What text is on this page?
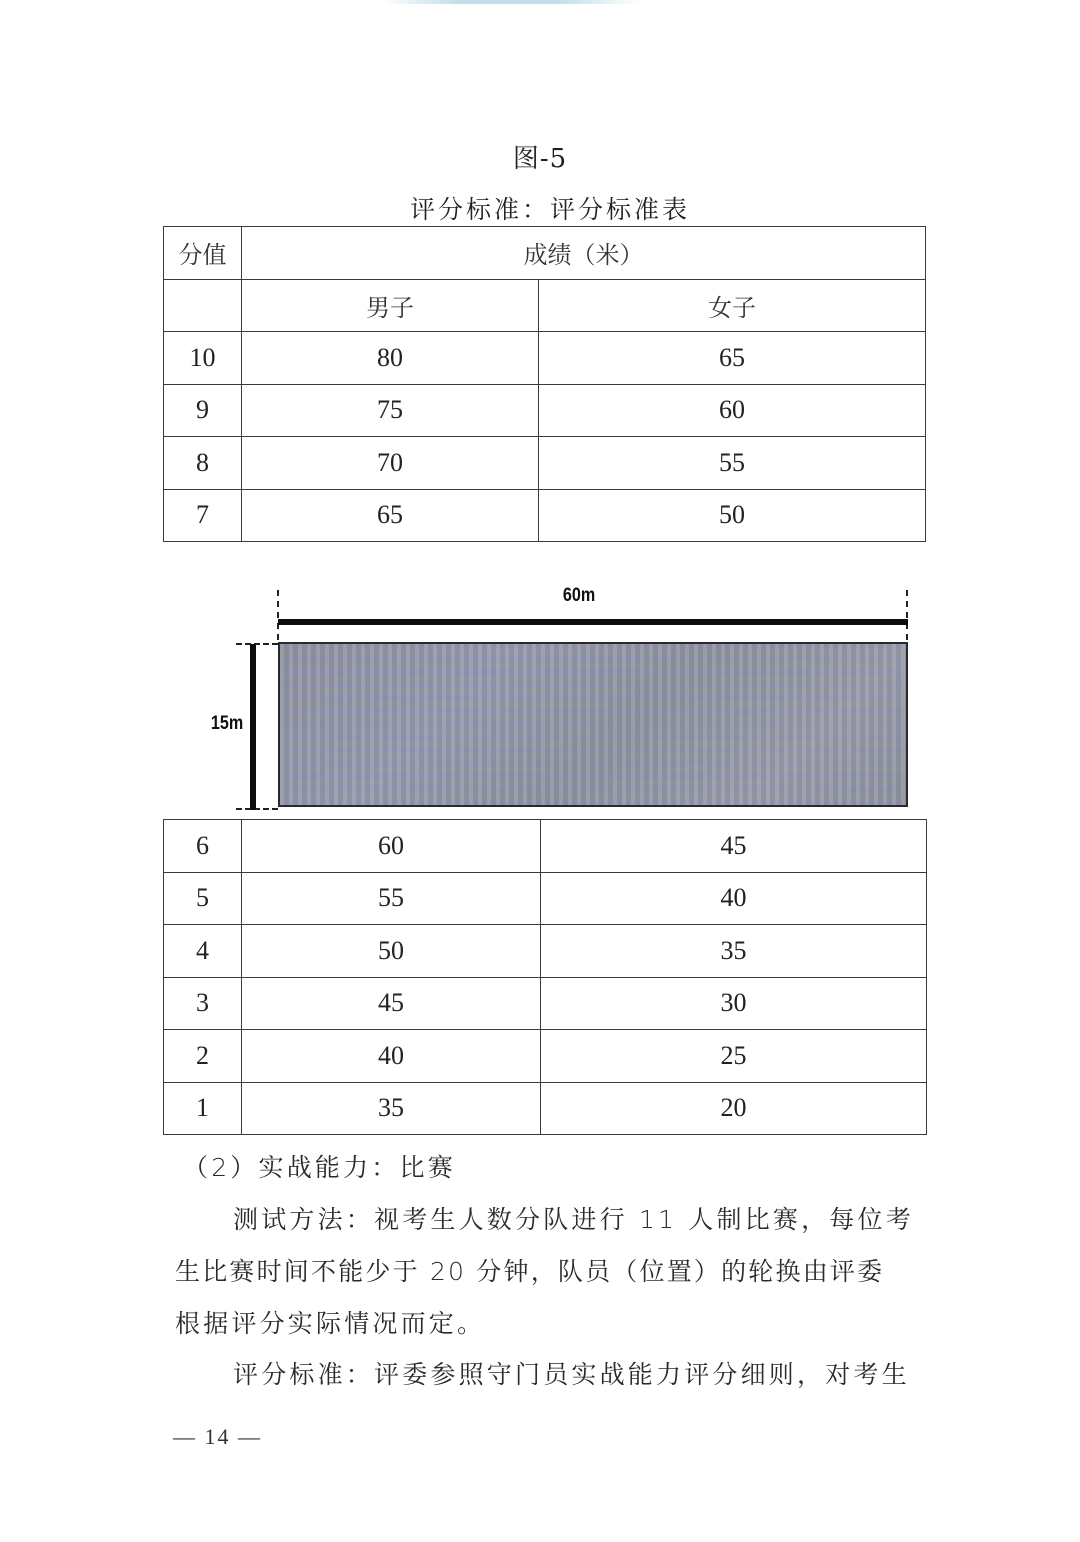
图-5
评分标准：评分标准表
分值	成绩（米）	
	男子	女子
10	80	65
9	75	60
8	70	55
7	65	50
60m
15m
6	60	45
5	55	40
4	50	35
3	45	30
2	40	25
1	35	20
（2）实战能力：比赛
测试方法：视考生人数分队进行 11 人制比赛，每位考
生比赛时间不能少于 20 分钟，队员（位置）的轮换由评委
根据评分实际情况而定。
评分标准：评委参照守门员实战能力评分细则，对考生
— 14 —
